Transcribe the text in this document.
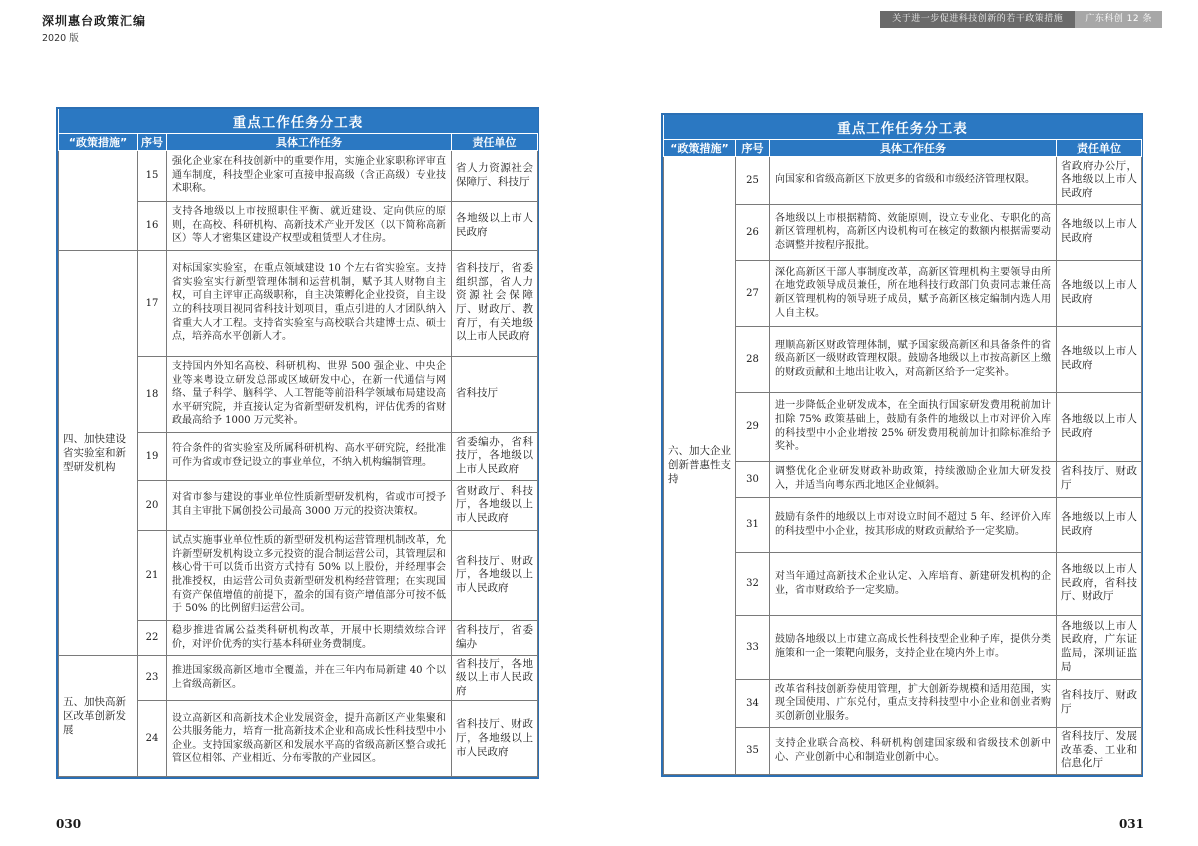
深圳惠台政策汇编
2020 版
关于进一步促进科技创新的若干政策措施	广东科创 12 条
重点工作任务分工表			
“政策措施”	序号	具体工作任务	责任单位
	15	强化企业家在科技创新中的重要作用，实施企业家职称评审直通车制度，科技型企业家可直接申报高级（含正高级）专业技术职称。	省人力资源社会保障厅、科技厅
	16	支持各地级以上市按照职住平衡、就近建设、定向供应的原则，在高校、科研机构、高新技术产业开发区（以下简称高新区）等人才密集区建设产权型或租赁型人才住房。	各地级以上市人民政府
四、加快建设省实验室和新型研发机构	17	对标国家实验室，在重点领域建设 10 个左右省实验室。支持省实验室实行新型管理体制和运营机制，赋予其人财物自主权，可自主评审正高级职称，自主决策孵化企业投资，自主设立的科技项目视同省科技计划项目，重点引进的人才团队纳入省重大人才工程。支持省实验室与高校联合共建博士点、硕士点，培养高水平创新人才。	省科技厅，省委组织部，省人力资源社会保障厅、财政厅、教育厅，有关地级以上市人民政府
	18	支持国内外知名高校、科研机构、世界 500 强企业、中央企业等来粤设立研发总部或区域研发中心，在新一代通信与网络、量子科学、脑科学、人工智能等前沿科学领域布局建设高水平研究院，并直接认定为省新型研发机构，评估优秀的省财政最高给予 1000 万元奖补。	省科技厅
	19	符合条件的省实验室及所属科研机构、高水平研究院，经批准可作为省或市登记设立的事业单位，不纳入机构编制管理。	省委编办，省科技厅，各地级以上市人民政府
	20	对省市参与建设的事业单位性质新型研发机构，省或市可授予其自主审批下属创投公司最高 3000 万元的投资决策权。	省财政厅、科技厅，各地级以上市人民政府
	21	试点实施事业单位性质的新型研发机构运营管理机制改革，允许新型研发机构设立多元投资的混合制运营公司，其管理层和核心骨干可以货币出资方式持有 50% 以上股份，并经理事会批准授权，由运营公司负责新型研发机构经营管理；在实现国有资产保值增值的前提下，盈余的国有资产增值部分可按不低于 50% 的比例留归运营公司。	省科技厅、财政厅，各地级以上市人民政府
	22	稳步推进省属公益类科研机构改革，开展中长期绩效综合评价，对评价优秀的实行基本科研业务费制度。	省科技厅，省委编办
五、加快高新区改革创新发展	23	推进国家级高新区地市全覆盖，并在三年内布局新建 40 个以上省级高新区。	省科技厅，各地级以上市人民政府
	24	设立高新区和高新技术企业发展资金，提升高新区产业集聚和公共服务能力，培育一批高新技术企业和高成长性科技型中小企业。支持国家级高新区和发展水平高的省级高新区整合或托管区位相邻、产业相近、分布零散的产业园区。	省科技厅、财政厅，各地级以上市人民政府
重点工作任务分工表			
“政策措施”	序号	具体工作任务	责任单位
六、加大企业创新普惠性支持	25	向国家和省级高新区下放更多的省级和市级经济管理权限。	省政府办公厅，各地级以上市人民政府
	26	各地级以上市根据精简、效能原则，设立专业化、专职化的高新区管理机构，高新区内设机构可在核定的数额内根据需要动态调整并按程序报批。	各地级以上市人民政府
	27	深化高新区干部人事制度改革，高新区管理机构主要领导由所在地党政领导成员兼任，所在地科技行政部门负责同志兼任高新区管理机构的领导班子成员，赋予高新区核定编制内选人用人自主权。	各地级以上市人民政府
	28	理顺高新区财政管理体制，赋予国家级高新区和具备条件的省级高新区一级财政管理权限。鼓励各地级以上市按高新区上缴的财政贡献和土地出让收入，对高新区给予一定奖补。	各地级以上市人民政府
	29	进一步降低企业研发成本，在全面执行国家研发费用税前加计扣除 75% 政策基础上，鼓励有条件的地级以上市对评价入库的科技型中小企业增按 25% 研发费用税前加计扣除标准给予奖补。	各地级以上市人民政府
	30	调整优化企业研发财政补助政策，持续激励企业加大研发投入，并适当向粤东西北地区企业倾斜。	省科技厅、财政厅
	31	鼓励有条件的地级以上市对设立时间不超过 5 年、经评价入库的科技型中小企业，按其形成的财政贡献给予一定奖励。	各地级以上市人民政府
	32	对当年通过高新技术企业认定、入库培育、新建研发机构的企业，省市财政给予一定奖励。	各地级以上市人民政府，省科技厅、财政厅
	33	鼓励各地级以上市建立高成长性科技型企业种子库，提供分类施策和一企一策靶向服务，支持企业在境内外上市。	各地级以上市人民政府，广东证监局，深圳证监局
	34	改革省科技创新券使用管理，扩大创新券规模和适用范围，实现全国使用、广东兑付，重点支持科技型中小企业和创业者购买创新创业服务。	省科技厅、财政厅
	35	支持企业联合高校、科研机构创建国家级和省级技术创新中心、产业创新中心和制造业创新中心。	省科技厅、发展改革委、工业和信息化厅
030	031
